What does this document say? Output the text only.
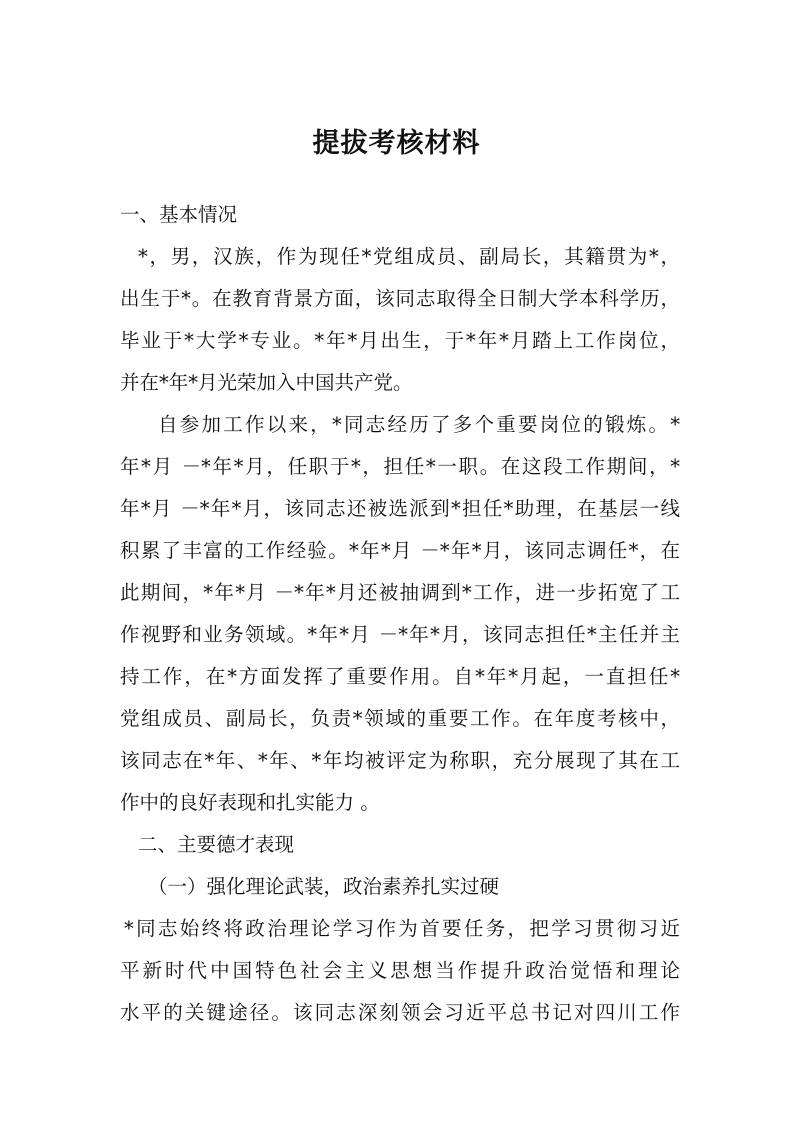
提拔考核材料
一、基本情况
*，男，汉族，作为现任*党组成员、副局长，其籍贯为*，
出生于*。在教育背景方面，该同志取得全日制大学本科学历，
毕业于*大学*专业。*年*月出生，于*年*月踏上工作岗位，
并在*年*月光荣加入中国共产党。
自参加工作以来，*同志经历了多个重要岗位的锻炼。*
年*月 －*年*月，任职于*，担任*一职。在这段工作期间，*
年*月 －*年*月，该同志还被选派到*担任*助理，在基层一线
积累了丰富的工作经验。*年*月 －*年*月，该同志调任*，在
此期间，*年*月 －*年*月还被抽调到*工作，进一步拓宽了工
作视野和业务领域。*年*月 －*年*月，该同志担任*主任并主
持工作，在*方面发挥了重要作用。自*年*月起，一直担任*
党组成员、副局长，负责*领域的重要工作。在年度考核中，
该同志在*年、*年、*年均被评定为称职，充分展现了其在工
作中的良好表现和扎实能力 。
二、主要德才表现
（一）强化理论武装，政治素养扎实过硬
*同志始终将政治理论学习作为首要任务，把学习贯彻习近
平新时代中国特色社会主义思想当作提升政治觉悟和理论
水平的关键途径。该同志深刻领会习近平总书记对四川工作
